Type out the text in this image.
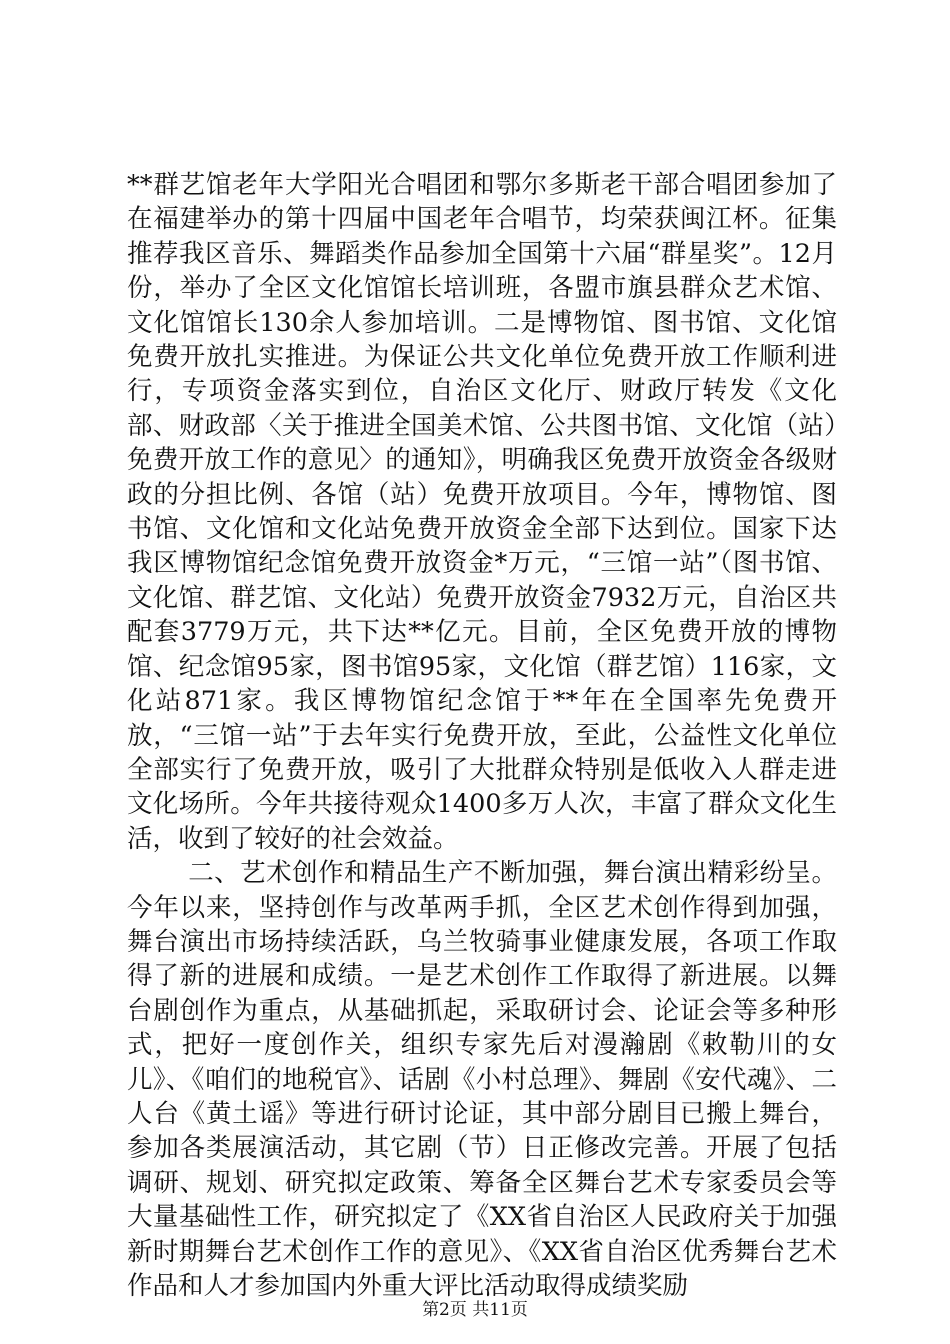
**群艺馆老年大学阳光合唱团和鄂尔多斯老干部合唱团参加了在福建举办的第十四届中国老年合唱节，均荣获闽江杯。征集推荐我区音乐、舞蹈类作品参加全国第十六届“群星奖”。12月份，举办了全区文化馆馆长培训班，各盟市旗县群众艺术馆、文化馆馆长130余人参加培训。二是博物馆、图书馆、文化馆免费开放扎实推进。为保证公共文化单位免费开放工作顺利进行，专项资金落实到位，自治区文化厅、财政厅转发《文化部、财政部〈关于推进全国美术馆、公共图书馆、文化馆（站）免费开放工作的意见〉的通知》，明确我区免费开放资金各级财政的分担比例、各馆（站）免费开放项目。今年，博物馆、图书馆、文化馆和文化站免费开放资金全部下达到位。国家下达我区博物馆纪念馆免费开放资金*万元，“三馆一站”（图书馆、文化馆、群艺馆、文化站）免费开放资金7932万元，自治区共配套3779万元，共下达**亿元。目前，全区免费开放的博物馆、纪念馆95家，图书馆95家，文化馆（群艺馆）116家，文化站871家。我区博物馆纪念馆于**年在全国率先免费开放，“三馆一站”于去年实行免费开放，至此，公益性文化单位全部实行了免费开放，吸引了大批群众特别是低收入人群走进文化场所。今年共接待观众1400多万人次，丰富了群众文化生活，收到了较好的社会效益。

二、艺术创作和精品生产不断加强，舞台演出精彩纷呈。今年以来，坚持创作与改革两手抓，全区艺术创作得到加强，舞台演出市场持续活跃，乌兰牧骑事业健康发展，各项工作取得了新的进展和成绩。一是艺术创作工作取得了新进展。以舞台剧创作为重点，从基础抓起，采取研讨会、论证会等多种形式，把好一度创作关，组织专家先后对漫瀚剧《敕勒川的女儿》、《咱们的地税官》、话剧《小村总理》、舞剧《安代魂》、二人台《黄土谣》等进行研讨论证，其中部分剧目已搬上舞台，参加各类展演活动，其它剧（节）日正修改完善。开展了包括调研、规划、研究拟定政策、筹备全区舞台艺术专家委员会等大量基础性工作，研究拟定了《XX省自治区人民政府关于加强新时期舞台艺术创作工作的意见》、《XX省自治区优秀舞台艺术作品和人才参加国内外重大评比活动取得成绩奖励

第2页 共11页
